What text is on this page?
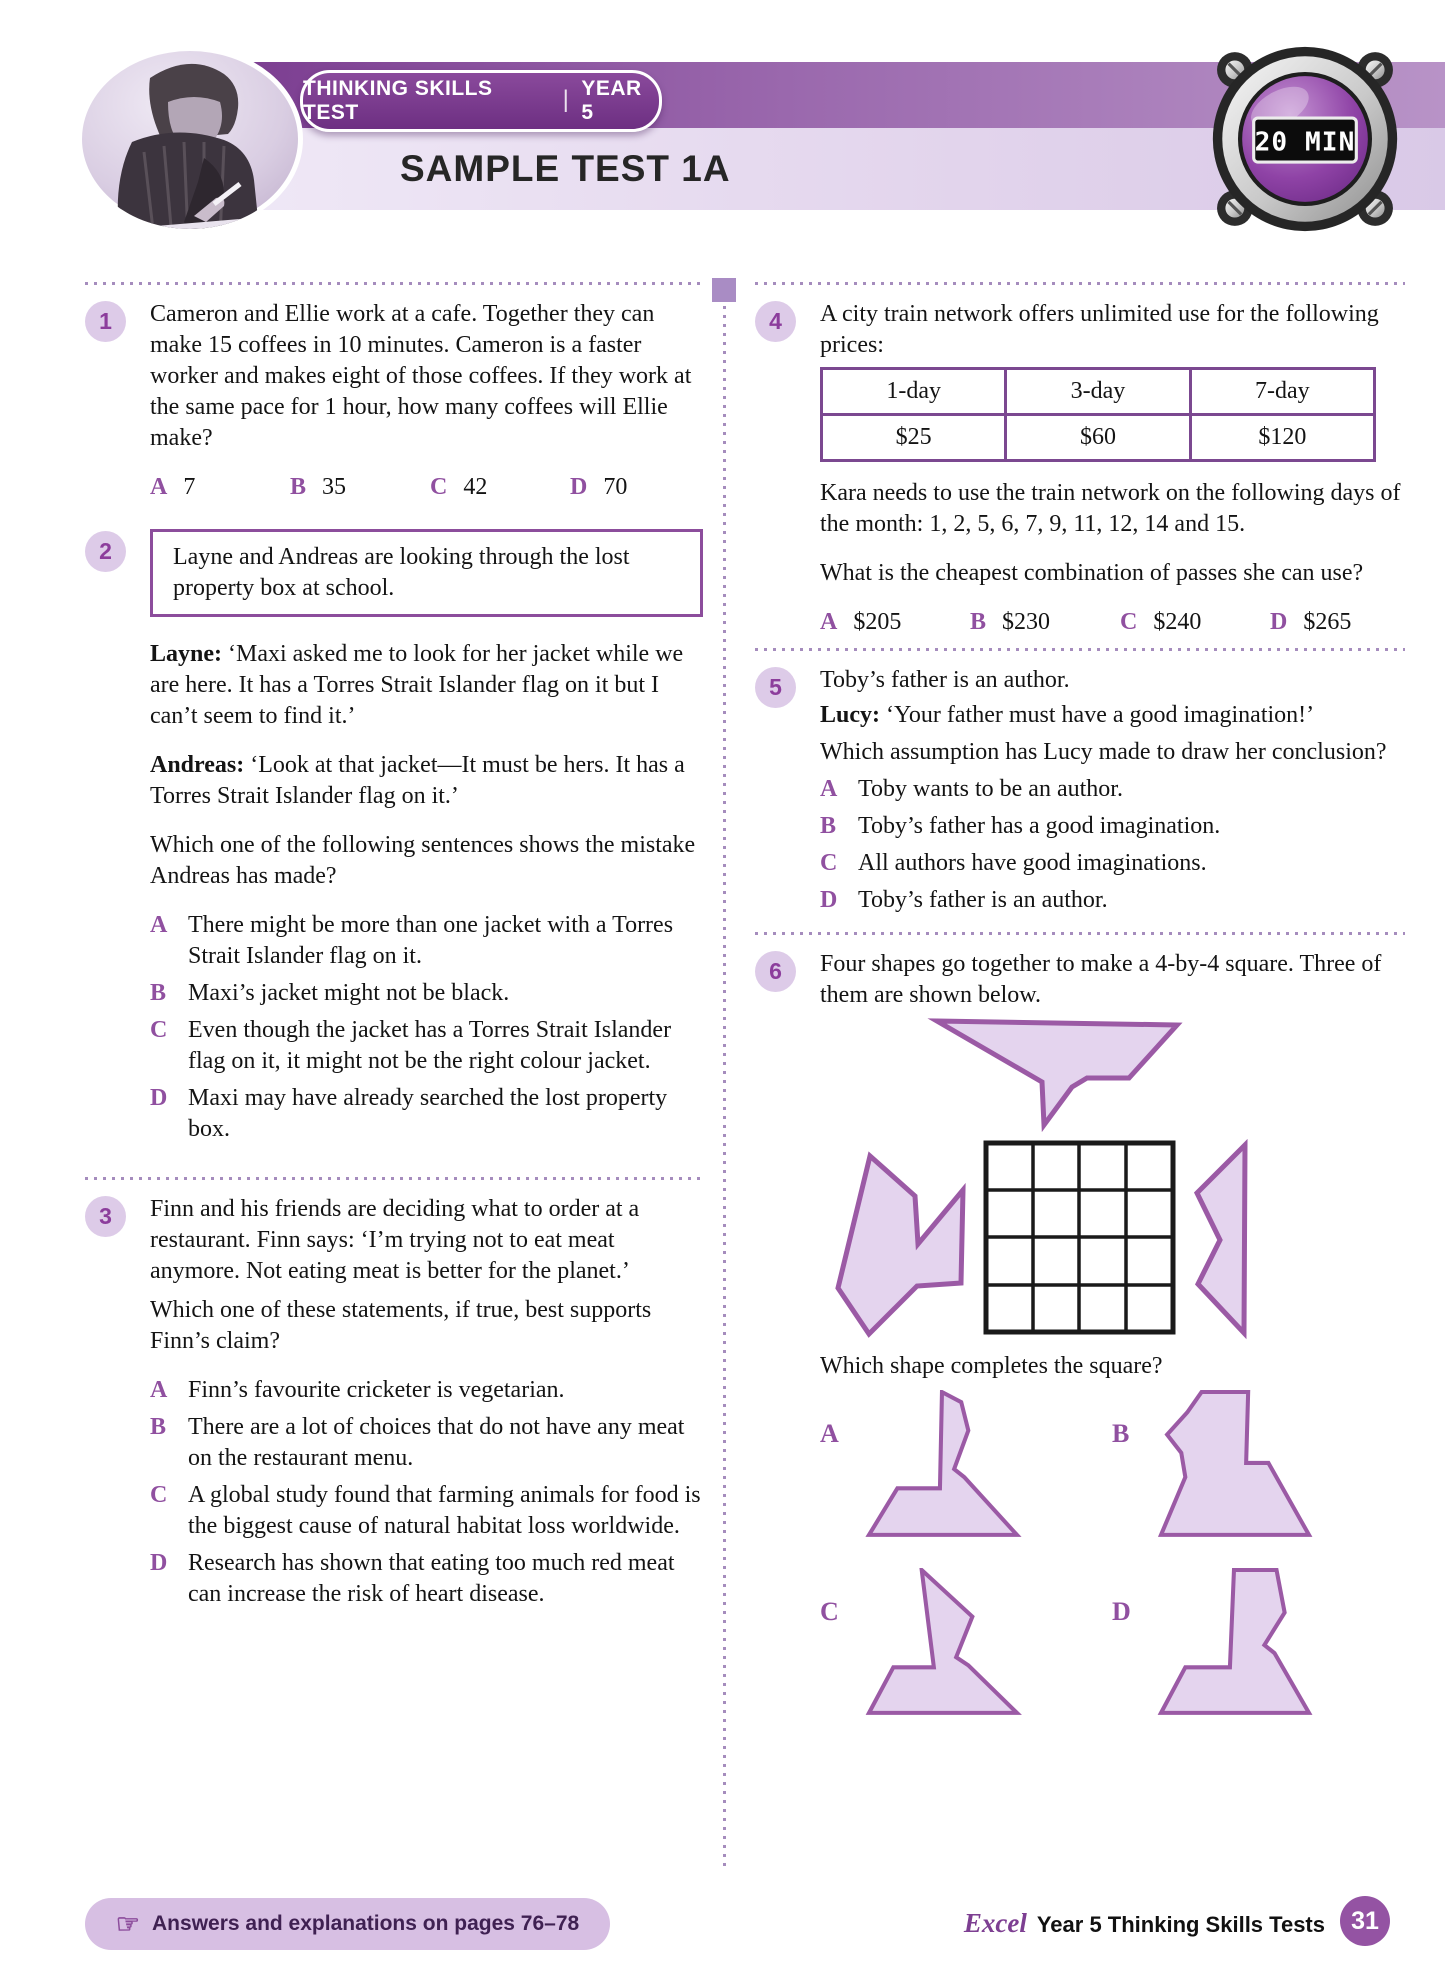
THINKING SKILLS TEST	| YEAR 5
SAMPLE TEST 1A
20 MIN
1	Cameron and Ellie work at a cafe. Together they can make 15 coffees in 10 minutes. Cameron is a faster worker and makes eight of those coffees. If they work at the same pace for 1 hour, how many coffees will Ellie make?

A 7	B 35	C 42	D 70
2	Layne and Andreas are looking through the lost property box at school.

Layne: ‘Maxi asked me to look for her jacket while we are here. It has a Torres Strait Islander flag on it but I can’t seem to find it.’

Andreas: ‘Look at that jacket—It must be hers. It has a Torres Strait Islander flag on it.’

Which one of the following sentences shows the mistake Andreas has made?

A There might be more than one jacket with a Torres Strait Islander flag on it.
B Maxi’s jacket might not be black.
C Even though the jacket has a Torres Strait Islander flag on it, it might not be the right colour jacket.
D Maxi may have already searched the lost property box.
3	Finn and his friends are deciding what to order at a restaurant. Finn says: ‘I’m trying not to eat meat anymore. Not eating meat is better for the planet.’

Which one of these statements, if true, best supports Finn’s claim?

A Finn’s favourite cricketer is vegetarian.
B There are a lot of choices that do not have any meat on the restaurant menu.
C A global study found that farming animals for food is the biggest cause of natural habitat loss worldwide.
D Research has shown that eating too much red meat can increase the risk of heart disease.
4	A city train network offers unlimited use for the following prices:

1-day	3-day	7-day
$25	$60	$120

Kara needs to use the train network on the following days of the month: 1, 2, 5, 6, 7, 9, 11, 12, 14 and 15.

What is the cheapest combination of passes she can use?

A $205	B $230	C $240	D $265
5	Toby’s father is an author.

Lucy: ‘Your father must have a good imagination!’

Which assumption has Lucy made to draw her conclusion?

A Toby wants to be an author.
B Toby’s father has a good imagination.
C All authors have good imaginations.
D Toby’s father is an author.
6	Four shapes go together to make a 4-by-4 square. Three of them are shown below.

Which shape completes the square?

A	B
C	D
☞ Answers and explanations on pages 76–78	Excel Year 5 Thinking Skills Tests	31
